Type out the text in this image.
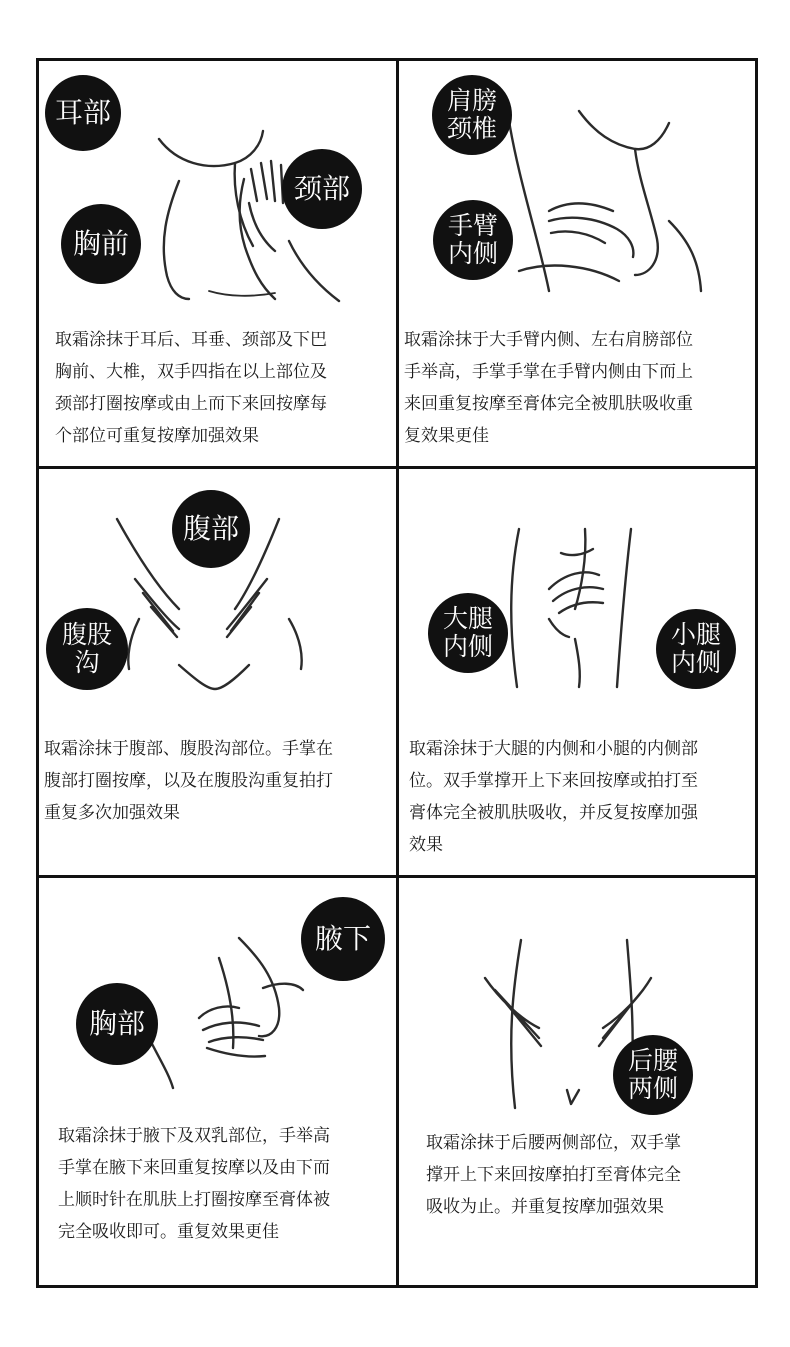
耳部
颈部
胸前
取霜涂抹于耳后、耳垂、颈部及下巴
胸前、大椎，双手四指在以上部位及
颈部打圈按摩或由上而下来回按摩每
个部位可重复按摩加强效果
肩膀
颈椎
手臂
内侧
取霜涂抹于大手臂内侧、左右肩膀部位
手举高，手掌手掌在手臂内侧由下而上
来回重复按摩至膏体完全被肌肤吸收重
复效果更佳
腹部
腹股
沟
取霜涂抹于腹部、腹股沟部位。手掌在
腹部打圈按摩，以及在腹股沟重复拍打
重复多次加强效果
大腿
内侧	小腿
内侧
取霜涂抹于大腿的内侧和小腿的内侧部
位。双手掌撑开上下来回按摩或拍打至
膏体完全被肌肤吸收，并反复按摩加强
效果
腋下
胸部
取霜涂抹于腋下及双乳部位，手举高
手掌在腋下来回重复按摩以及由下而
上顺时针在肌肤上打圈按摩至膏体被
完全吸收即可。重复效果更佳
后腰
两侧
取霜涂抹于后腰两侧部位，双手掌
撑开上下来回按摩拍打至膏体完全
吸收为止。并重复按摩加强效果
